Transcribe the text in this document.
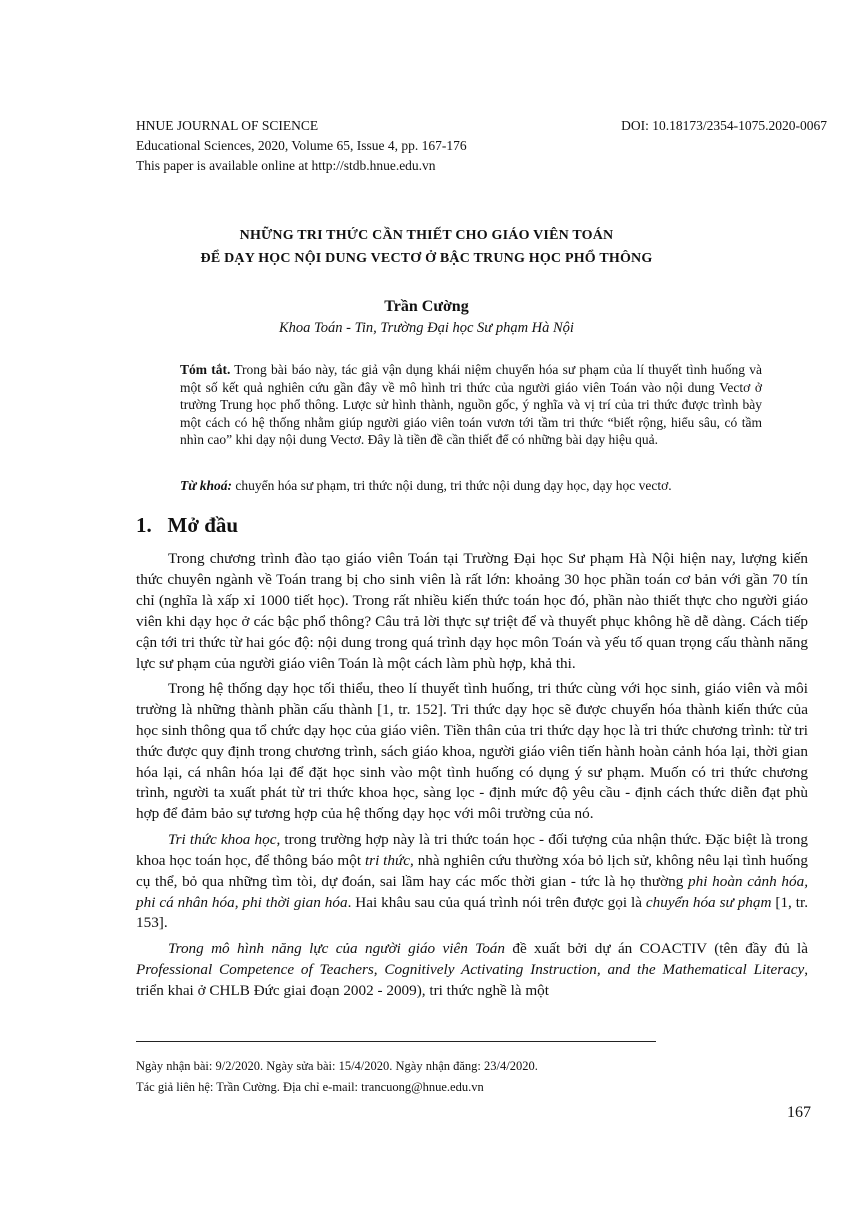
HNUE JOURNAL OF SCIENCE	DOI: 10.18173/2354-1075.2020-0067
Educational Sciences, 2020, Volume 65, Issue 4, pp. 167-176
This paper is available online at http://stdb.hnue.edu.vn
NHỮNG TRI THỨC CẦN THIẾT CHO GIÁO VIÊN TOÁN
ĐỂ DẠY HỌC NỘI DUNG VECTƠ Ở BẬC TRUNG HỌC PHỔ THÔNG
Trần Cường
Khoa Toán - Tin, Trường Đại học Sư phạm Hà Nội
Tóm tắt. Trong bài báo này, tác giả vận dụng khái niệm chuyển hóa sư phạm của lí thuyết tình huống và một số kết quả nghiên cứu gần đây về mô hình tri thức của người giáo viên Toán vào nội dung Vectơ ở trường Trung học phổ thông. Lược sử hình thành, nguồn gốc, ý nghĩa và vị trí của tri thức được trình bày một cách có hệ thống nhằm giúp người giáo viên toán vươn tới tầm tri thức “biết rộng, hiểu sâu, có tầm nhìn cao” khi dạy nội dung Vectơ. Đây là tiền đề cần thiết để có những bài dạy hiệu quả.
Từ khoá: chuyển hóa sư phạm, tri thức nội dung, tri thức nội dung dạy học, dạy học vectơ.
1. Mở đầu

Trong chương trình đào tạo giáo viên Toán tại Trường Đại học Sư phạm Hà Nội hiện nay, lượng kiến thức chuyên ngành về Toán trang bị cho sinh viên là rất lớn: khoảng 30 học phần toán cơ bản với gần 70 tín chỉ (nghĩa là xấp xỉ 1000 tiết học). Trong rất nhiều kiến thức toán học đó, phần nào thiết thực cho người giáo viên khi dạy học ở các bậc phổ thông? Câu trả lời thực sự triệt để và thuyết phục không hề dễ dàng. Cách tiếp cận tới tri thức từ hai góc độ: nội dung trong quá trình dạy học môn Toán và yếu tố quan trọng cấu thành năng lực sư phạm của người giáo viên Toán là một cách làm phù hợp, khả thi.

Trong hệ thống dạy học tối thiểu, theo lí thuyết tình huống, tri thức cùng với học sinh, giáo viên và môi trường là những thành phần cấu thành [1, tr. 152]. Tri thức dạy học sẽ được chuyển hóa thành kiến thức của học sinh thông qua tổ chức dạy học của giáo viên. Tiền thân của tri thức dạy học là tri thức chương trình: từ tri thức được quy định trong chương trình, sách giáo khoa, người giáo viên tiến hành hoàn cảnh hóa lại, thời gian hóa lại, cá nhân hóa lại để đặt học sinh vào một tình huống có dụng ý sư phạm. Muốn có tri thức chương trình, người ta xuất phát từ tri thức khoa học, sàng lọc - định mức độ yêu cầu - định cách thức diễn đạt phù hợp để đảm bảo sự tương hợp của hệ thống dạy học với môi trường của nó.

Tri thức khoa học, trong trường hợp này là tri thức toán học - đối tượng của nhận thức. Đặc biệt là trong khoa học toán học, để thông báo một tri thức, nhà nghiên cứu thường xóa bỏ lịch sử, không nêu lại tình huống cụ thể, bỏ qua những tìm tòi, dự đoán, sai lầm hay các mốc thời gian - tức là họ thường phi hoàn cảnh hóa, phi cá nhân hóa, phi thời gian hóa. Hai khâu sau của quá trình nói trên được gọi là chuyển hóa sư phạm [1, tr. 153].

Trong mô hình năng lực của người giáo viên Toán đề xuất bởi dự án COACTIV (tên đầy đủ là Professional Competence of Teachers, Cognitively Activating Instruction, and the Mathematical Literacy, triển khai ở CHLB Đức giai đoạn 2002 - 2009), tri thức nghề là một

Ngày nhận bài: 9/2/2020. Ngày sửa bài: 15/4/2020. Ngày nhận đăng: 23/4/2020.
Tác giả liên hệ: Trần Cường. Địa chỉ e-mail: trancuong@hnue.edu.vn
167
